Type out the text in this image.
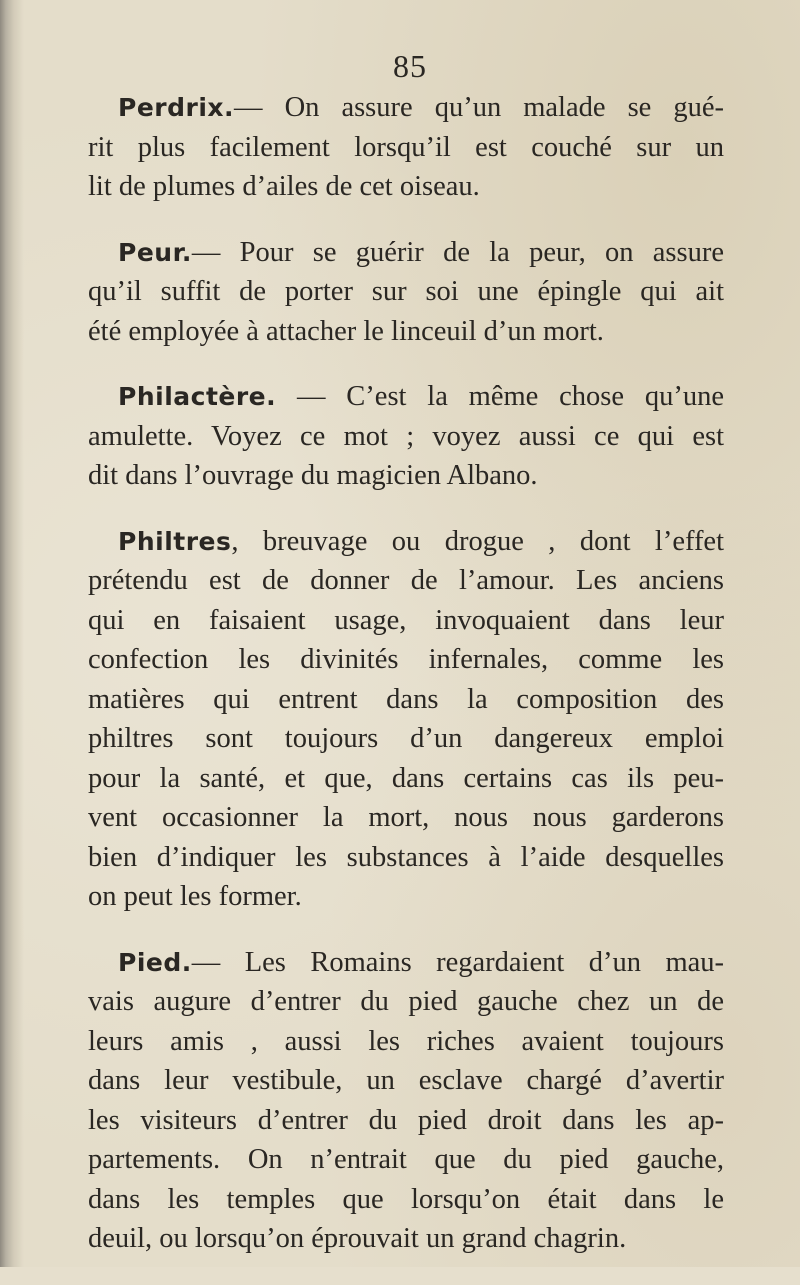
85

Perdrix.— On assure qu’un malade se gué-
rit plus facilement lorsqu’il est couché sur un
lit de plumes d’ailes de cet oiseau.

Peur.— Pour se guérir de la peur, on assure
qu’il suffit de porter sur soi une épingle qui ait
été employée à attacher le linceuil d’un mort.

Philactère. — C’est la même chose qu’une
amulette. Voyez ce mot ; voyez aussi ce qui est
dit dans l’ouvrage du magicien Albano.

Philtres, breuvage ou drogue , dont l’effet
prétendu est de donner de l’amour. Les anciens
qui en faisaient usage, invoquaient dans leur
confection les divinités infernales, comme les
matières qui entrent dans la composition des
philtres sont toujours d’un dangereux emploi
pour la santé, et que, dans certains cas ils peu-
vent occasionner la mort, nous nous garderons
bien d’indiquer les substances à l’aide desquelles
on peut les former.

Pied.— Les Romains regardaient d’un mau-
vais augure d’entrer du pied gauche chez un de
leurs amis , aussi les riches avaient toujours
dans leur vestibule, un esclave chargé d’avertir
les visiteurs d’entrer du pied droit dans les ap-
partements. On n’entrait que du pied gauche,
dans les temples que lorsqu’on était dans le
deuil, ou lorsqu’on éprouvait un grand chagrin.
